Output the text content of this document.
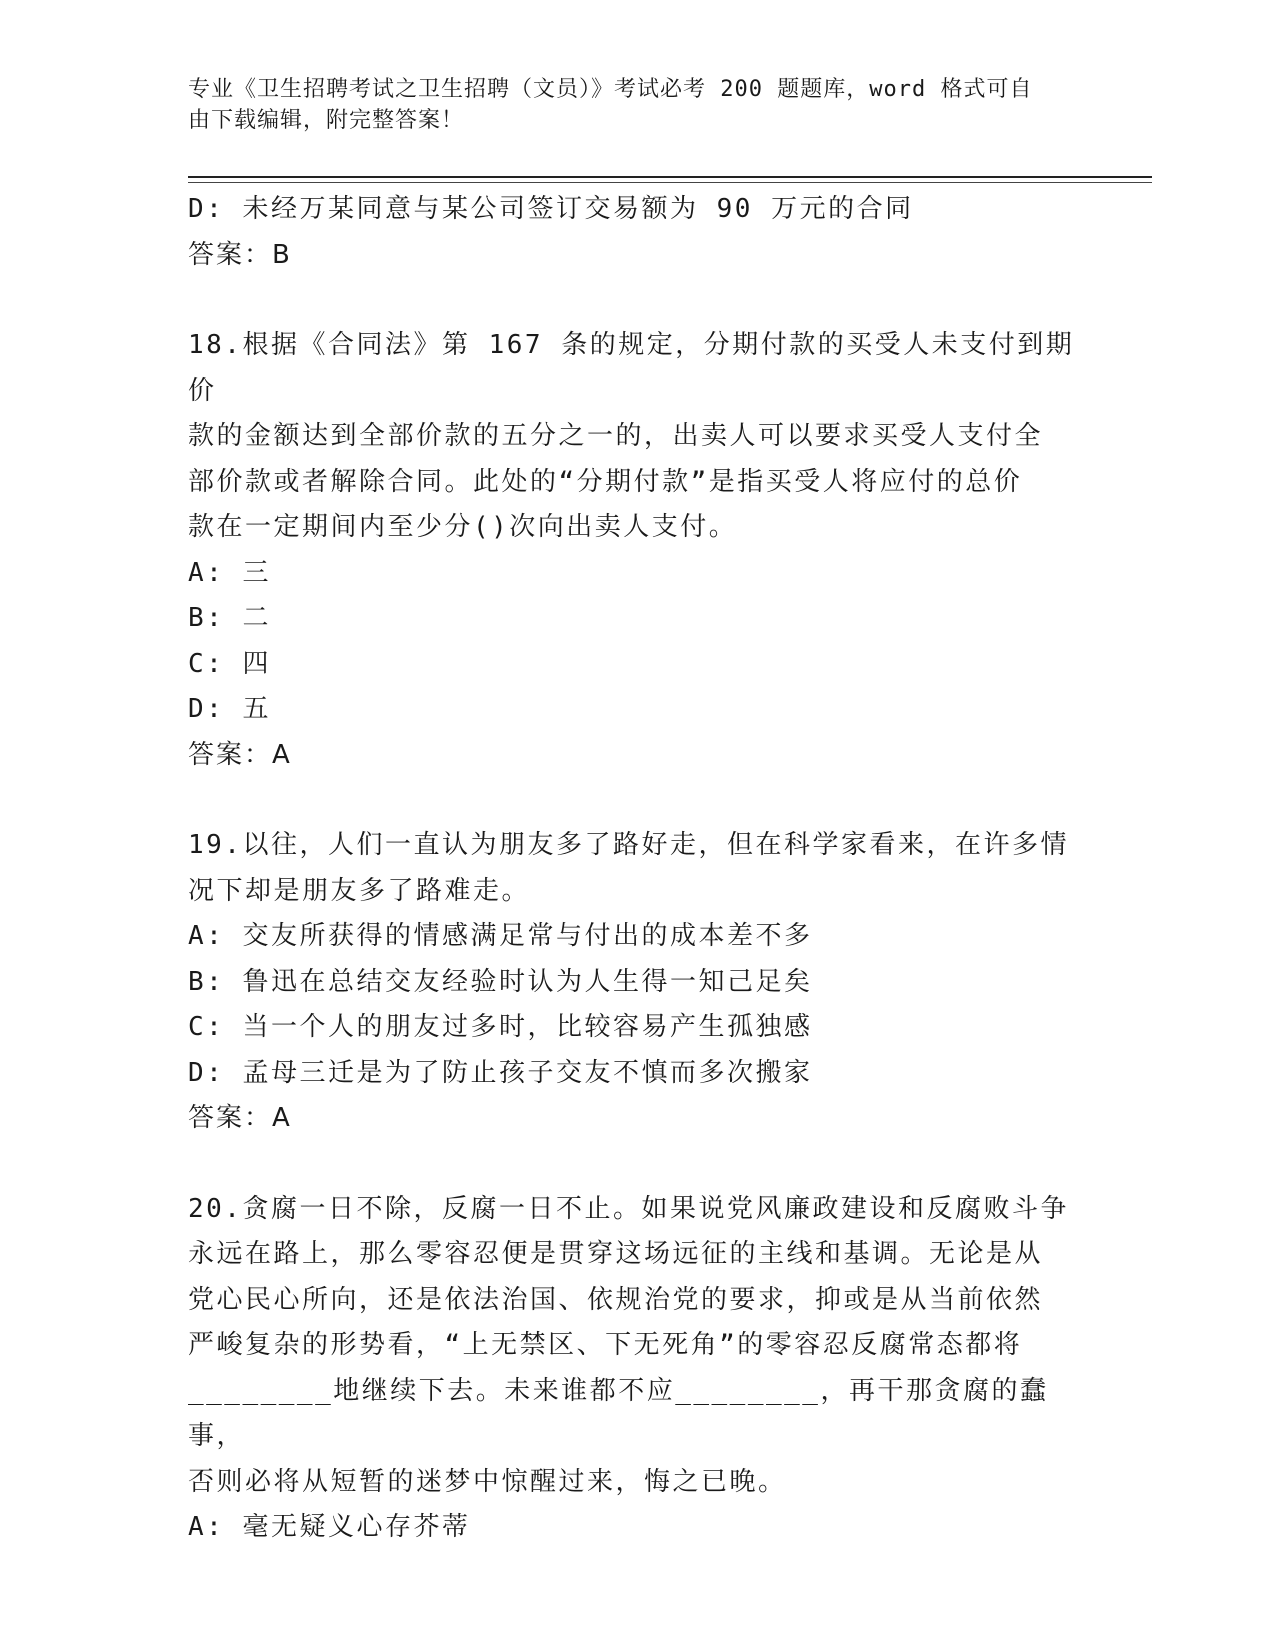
专业《卫生招聘考试之卫生招聘（文员）》考试必考 200 题题库，word 格式可自
由下载编辑，附完整答案！
D: 未经万某同意与某公司签订交易额为 90 万元的合同
答案：B
18.根据《合同法》第 167 条的规定，分期付款的买受人未支付到期价
款的金额达到全部价款的五分之一的，出卖人可以要求买受人支付全
部价款或者解除合同。此处的“分期付款”是指买受人将应付的总价
款在一定期间内至少分()次向出卖人支付。
A: 三
B: 二
C: 四
D: 五
答案：A
19.以往，人们一直认为朋友多了路好走，但在科学家看来，在许多情
况下却是朋友多了路难走。
A: 交友所获得的情感满足常与付出的成本差不多
B: 鲁迅在总结交友经验时认为人生得一知己足矣
C: 当一个人的朋友过多时，比较容易产生孤独感
D: 孟母三迁是为了防止孩子交友不慎而多次搬家
答案：A
20.贪腐一日不除，反腐一日不止。如果说党风廉政建设和反腐败斗争
永远在路上，那么零容忍便是贯穿这场远征的主线和基调。无论是从
党心民心所向，还是依法治国、依规治党的要求，抑或是从当前依然
严峻复杂的形势看，“上无禁区、下无死角”的零容忍反腐常态都将
________地继续下去。未来谁都不应________，再干那贪腐的蠢事，
否则必将从短暂的迷梦中惊醒过来，悔之已晚。
A: 毫无疑义心存芥蒂
